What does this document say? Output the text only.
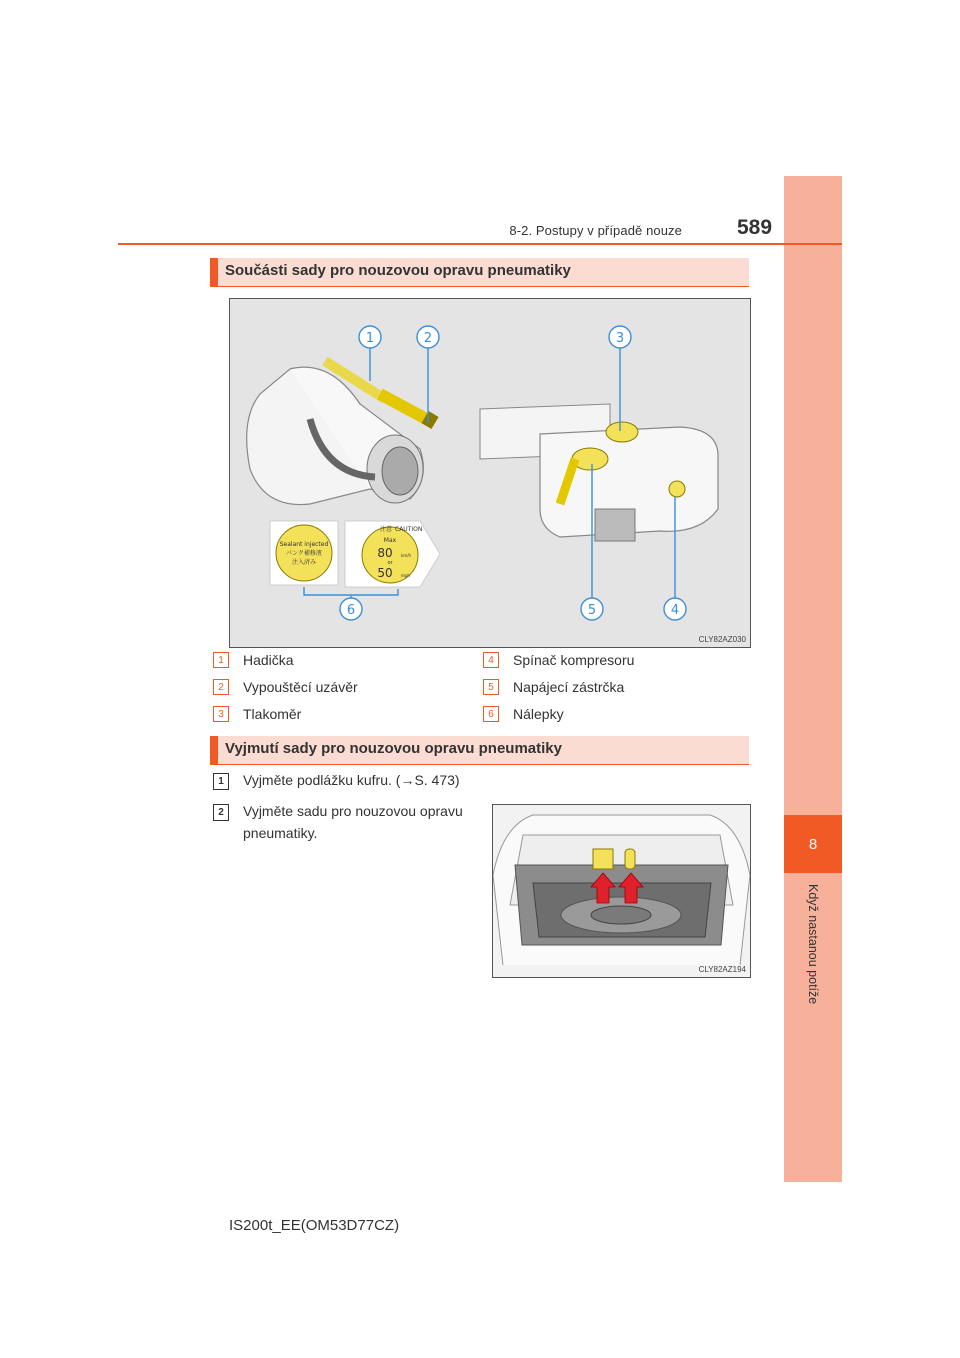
8
Když nastanou potíže
8-2. Postupy v případě nouze	589
Součásti sady pro nouzovou opravu pneumatiky
Sealant injected
パンク補修液
注入済み
注意 CAUTION
Max
80 km/h
or
50 mph
1	2	3
4
5
6
CLY82AZ030
1 Hadička
2 Vypouštěcí uzávěr
3 Tlakoměr
4 Spínač kompresoru
5 Napájecí zástrčka
6 Nálepky
Vyjmutí sady pro nouzovou opravu pneumatiky
1	Vyjměte podlážku kufru. (→S. 473)
2	Vyjměte sadu pro nouzovou opravu
pneumatiky.
CLY82AZ194
IS200t_EE(OM53D77CZ)
